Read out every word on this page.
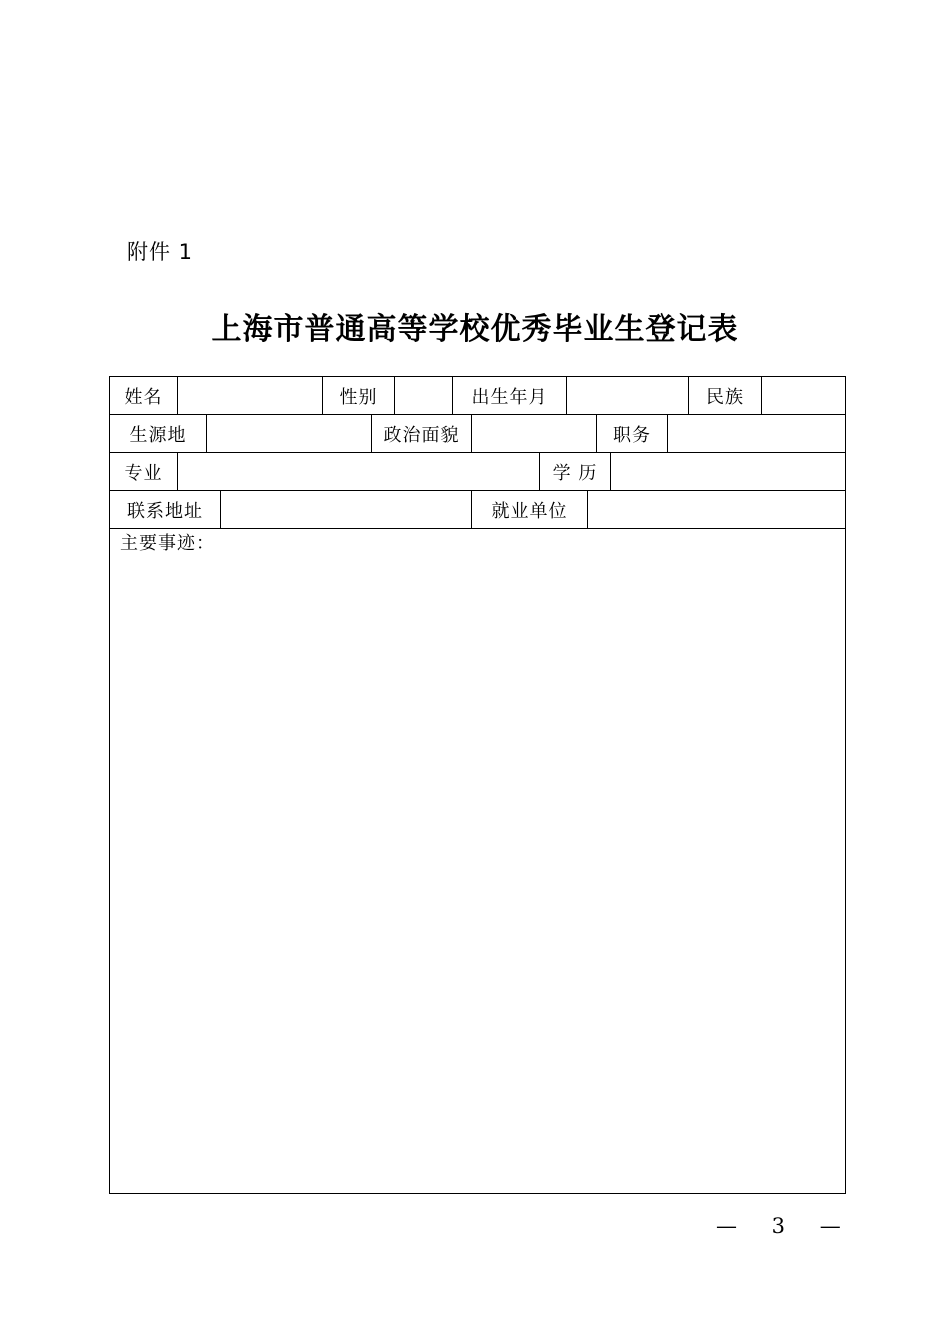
附件 1
上海市普通高等学校优秀毕业生登记表
姓名	性别	出生年月	民族
生源地	政治面貌	职务
专业	学 历
联系地址	就业单位
主要事迹：
— 3 —
